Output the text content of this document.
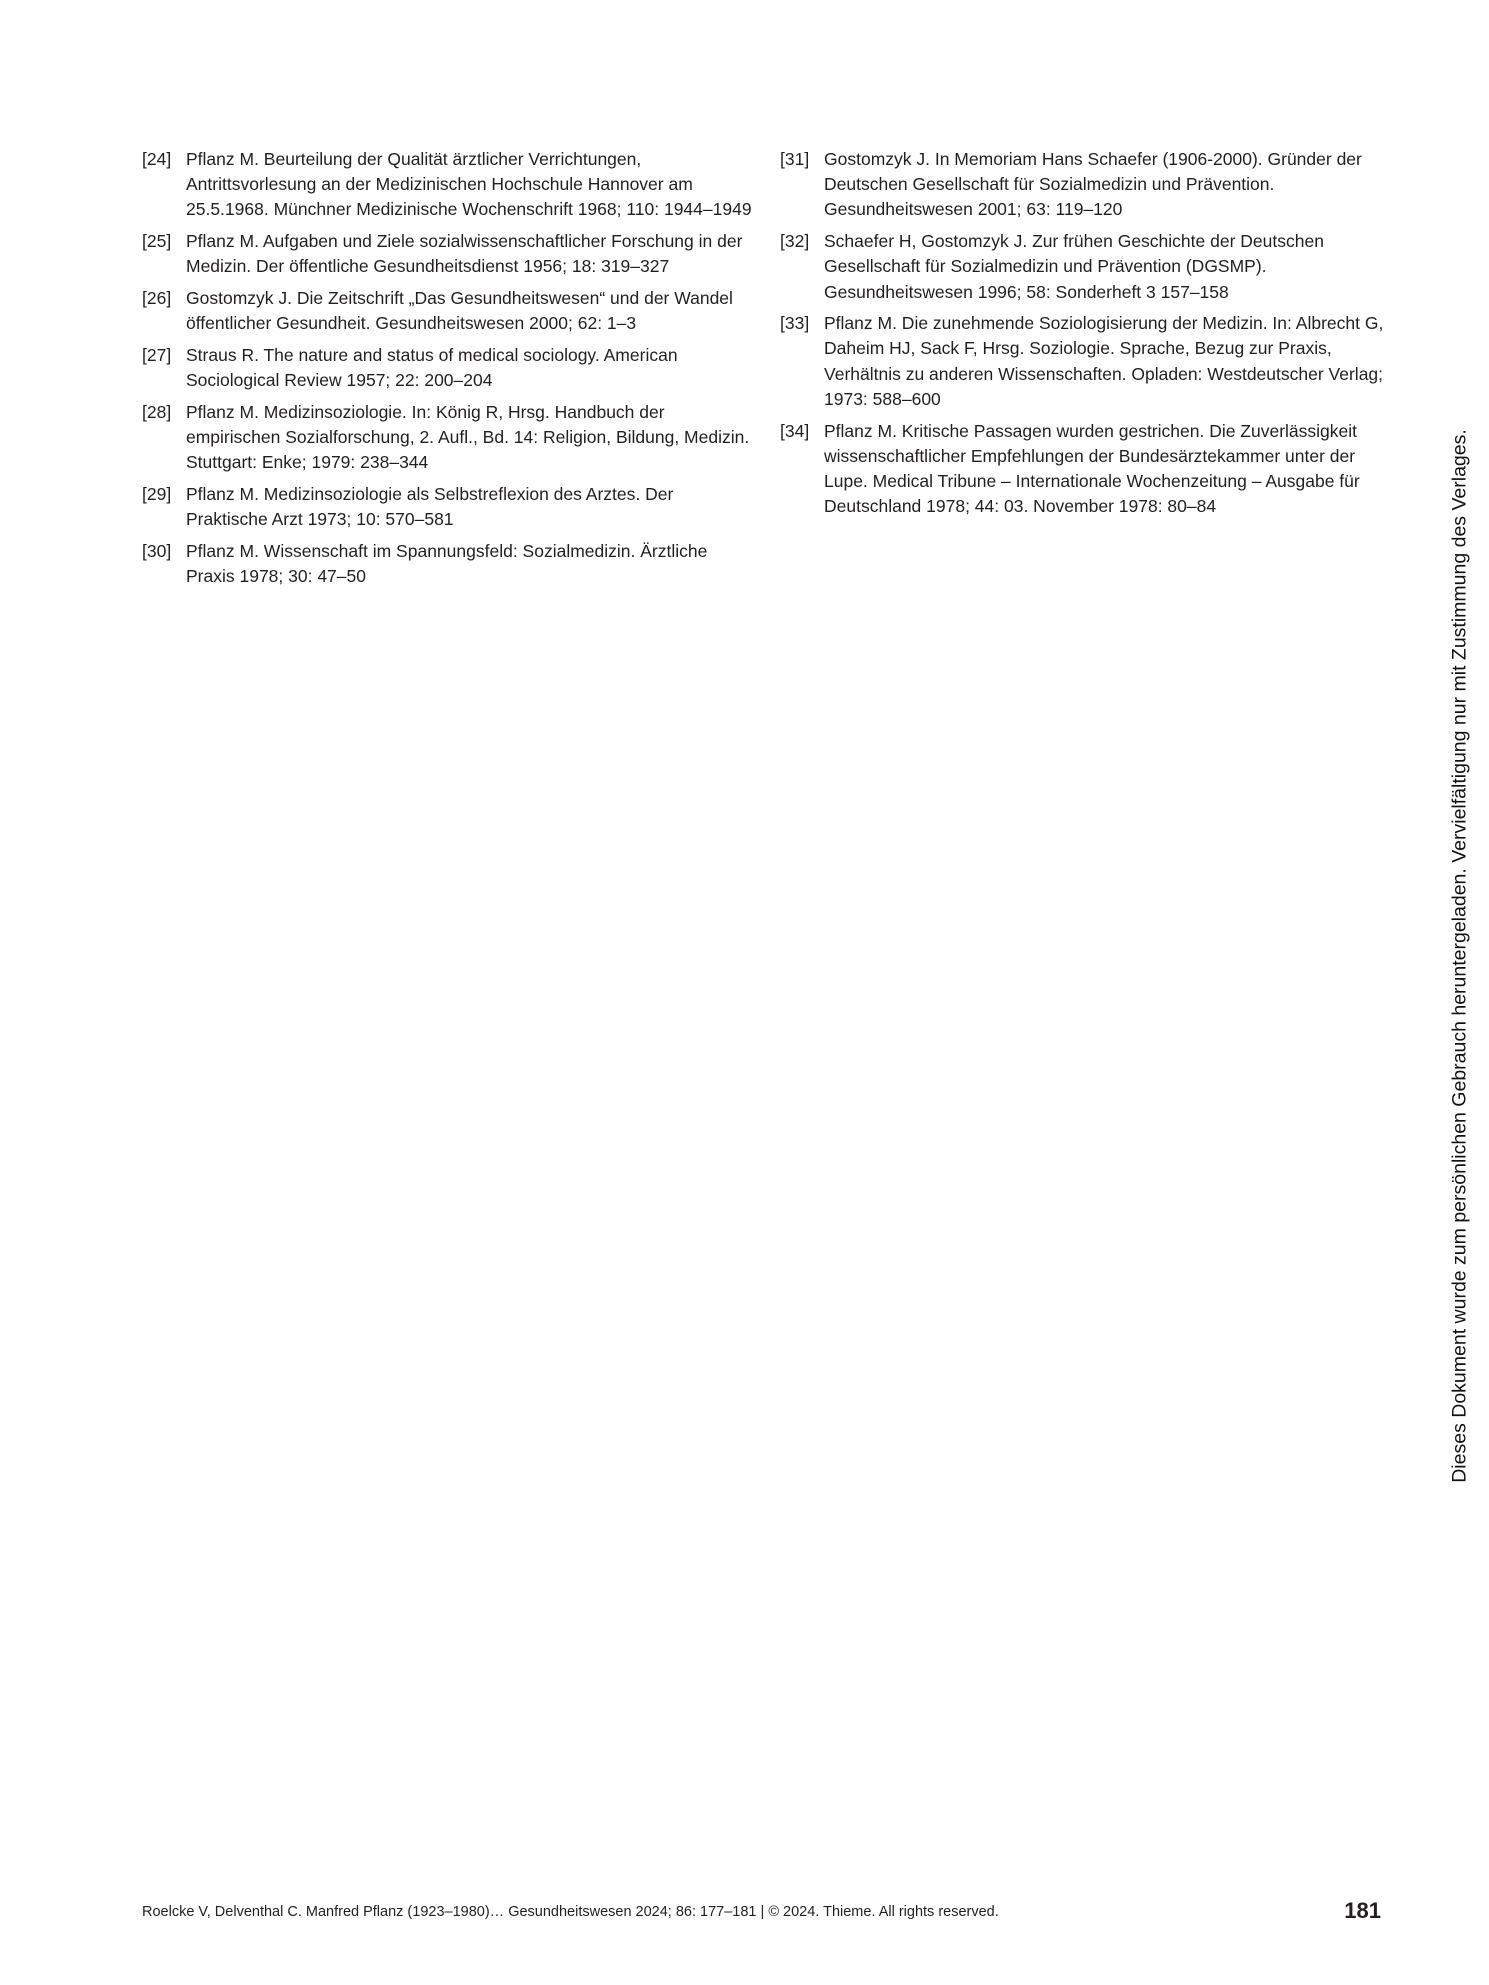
[24] Pflanz M. Beurteilung der Qualität ärztlicher Verrichtungen, Antrittsvorlesung an der Medizinischen Hochschule Hannover am 25.5.1968. Münchner Medizinische Wochenschrift 1968; 110: 1944–1949
[25] Pflanz M. Aufgaben und Ziele sozialwissenschaftlicher Forschung in der Medizin. Der öffentliche Gesundheitsdienst 1956; 18: 319–327
[26] Gostomzyk J. Die Zeitschrift „Das Gesundheitswesen“ und der Wandel öffentlicher Gesundheit. Gesundheitswesen 2000; 62: 1–3
[27] Straus R. The nature and status of medical sociology. American Sociological Review 1957; 22: 200–204
[28] Pflanz M. Medizinsoziologie. In: König R, Hrsg. Handbuch der empirischen Sozialforschung, 2. Aufl., Bd. 14: Religion, Bildung, Medizin. Stuttgart: Enke; 1979: 238–344
[29] Pflanz M. Medizinsoziologie als Selbstreflexion des Arztes. Der Praktische Arzt 1973; 10: 570–581
[30] Pflanz M. Wissenschaft im Spannungsfeld: Sozialmedizin. Ärztliche Praxis 1978; 30: 47–50
[31] Gostomzyk J. In Memoriam Hans Schaefer (1906-2000). Gründer der Deutschen Gesellschaft für Sozialmedizin und Prävention. Gesundheitswesen 2001; 63: 119–120
[32] Schaefer H, Gostomzyk J. Zur frühen Geschichte der Deutschen Gesellschaft für Sozialmedizin und Prävention (DGSMP). Gesundheitswesen 1996; 58: Sonderheft 3 157–158
[33] Pflanz M. Die zunehmende Soziologisierung der Medizin. In: Albrecht G, Daheim HJ, Sack F, Hrsg. Soziologie. Sprache, Bezug zur Praxis, Verhältnis zu anderen Wissenschaften. Opladen: Westdeutscher Verlag; 1973: 588–600
[34] Pflanz M. Kritische Passagen wurden gestrichen. Die Zuverlässigkeit wissenschaftlicher Empfehlungen der Bundesärztekammer unter der Lupe. Medical Tribune – Internationale Wochenzeitung – Ausgabe für Deutschland 1978; 44: 03. November 1978: 80–84	Dieses Dokument wurde zum persönlichen Gebrauch heruntergeladen. Vervielfältigung nur mit Zustimmung des Verlages.
Roelcke V, Delventhal C. Manfred Pflanz (1923–1980)… Gesundheitswesen 2024; 86: 177–181 | © 2024. Thieme. All rights reserved.	181
